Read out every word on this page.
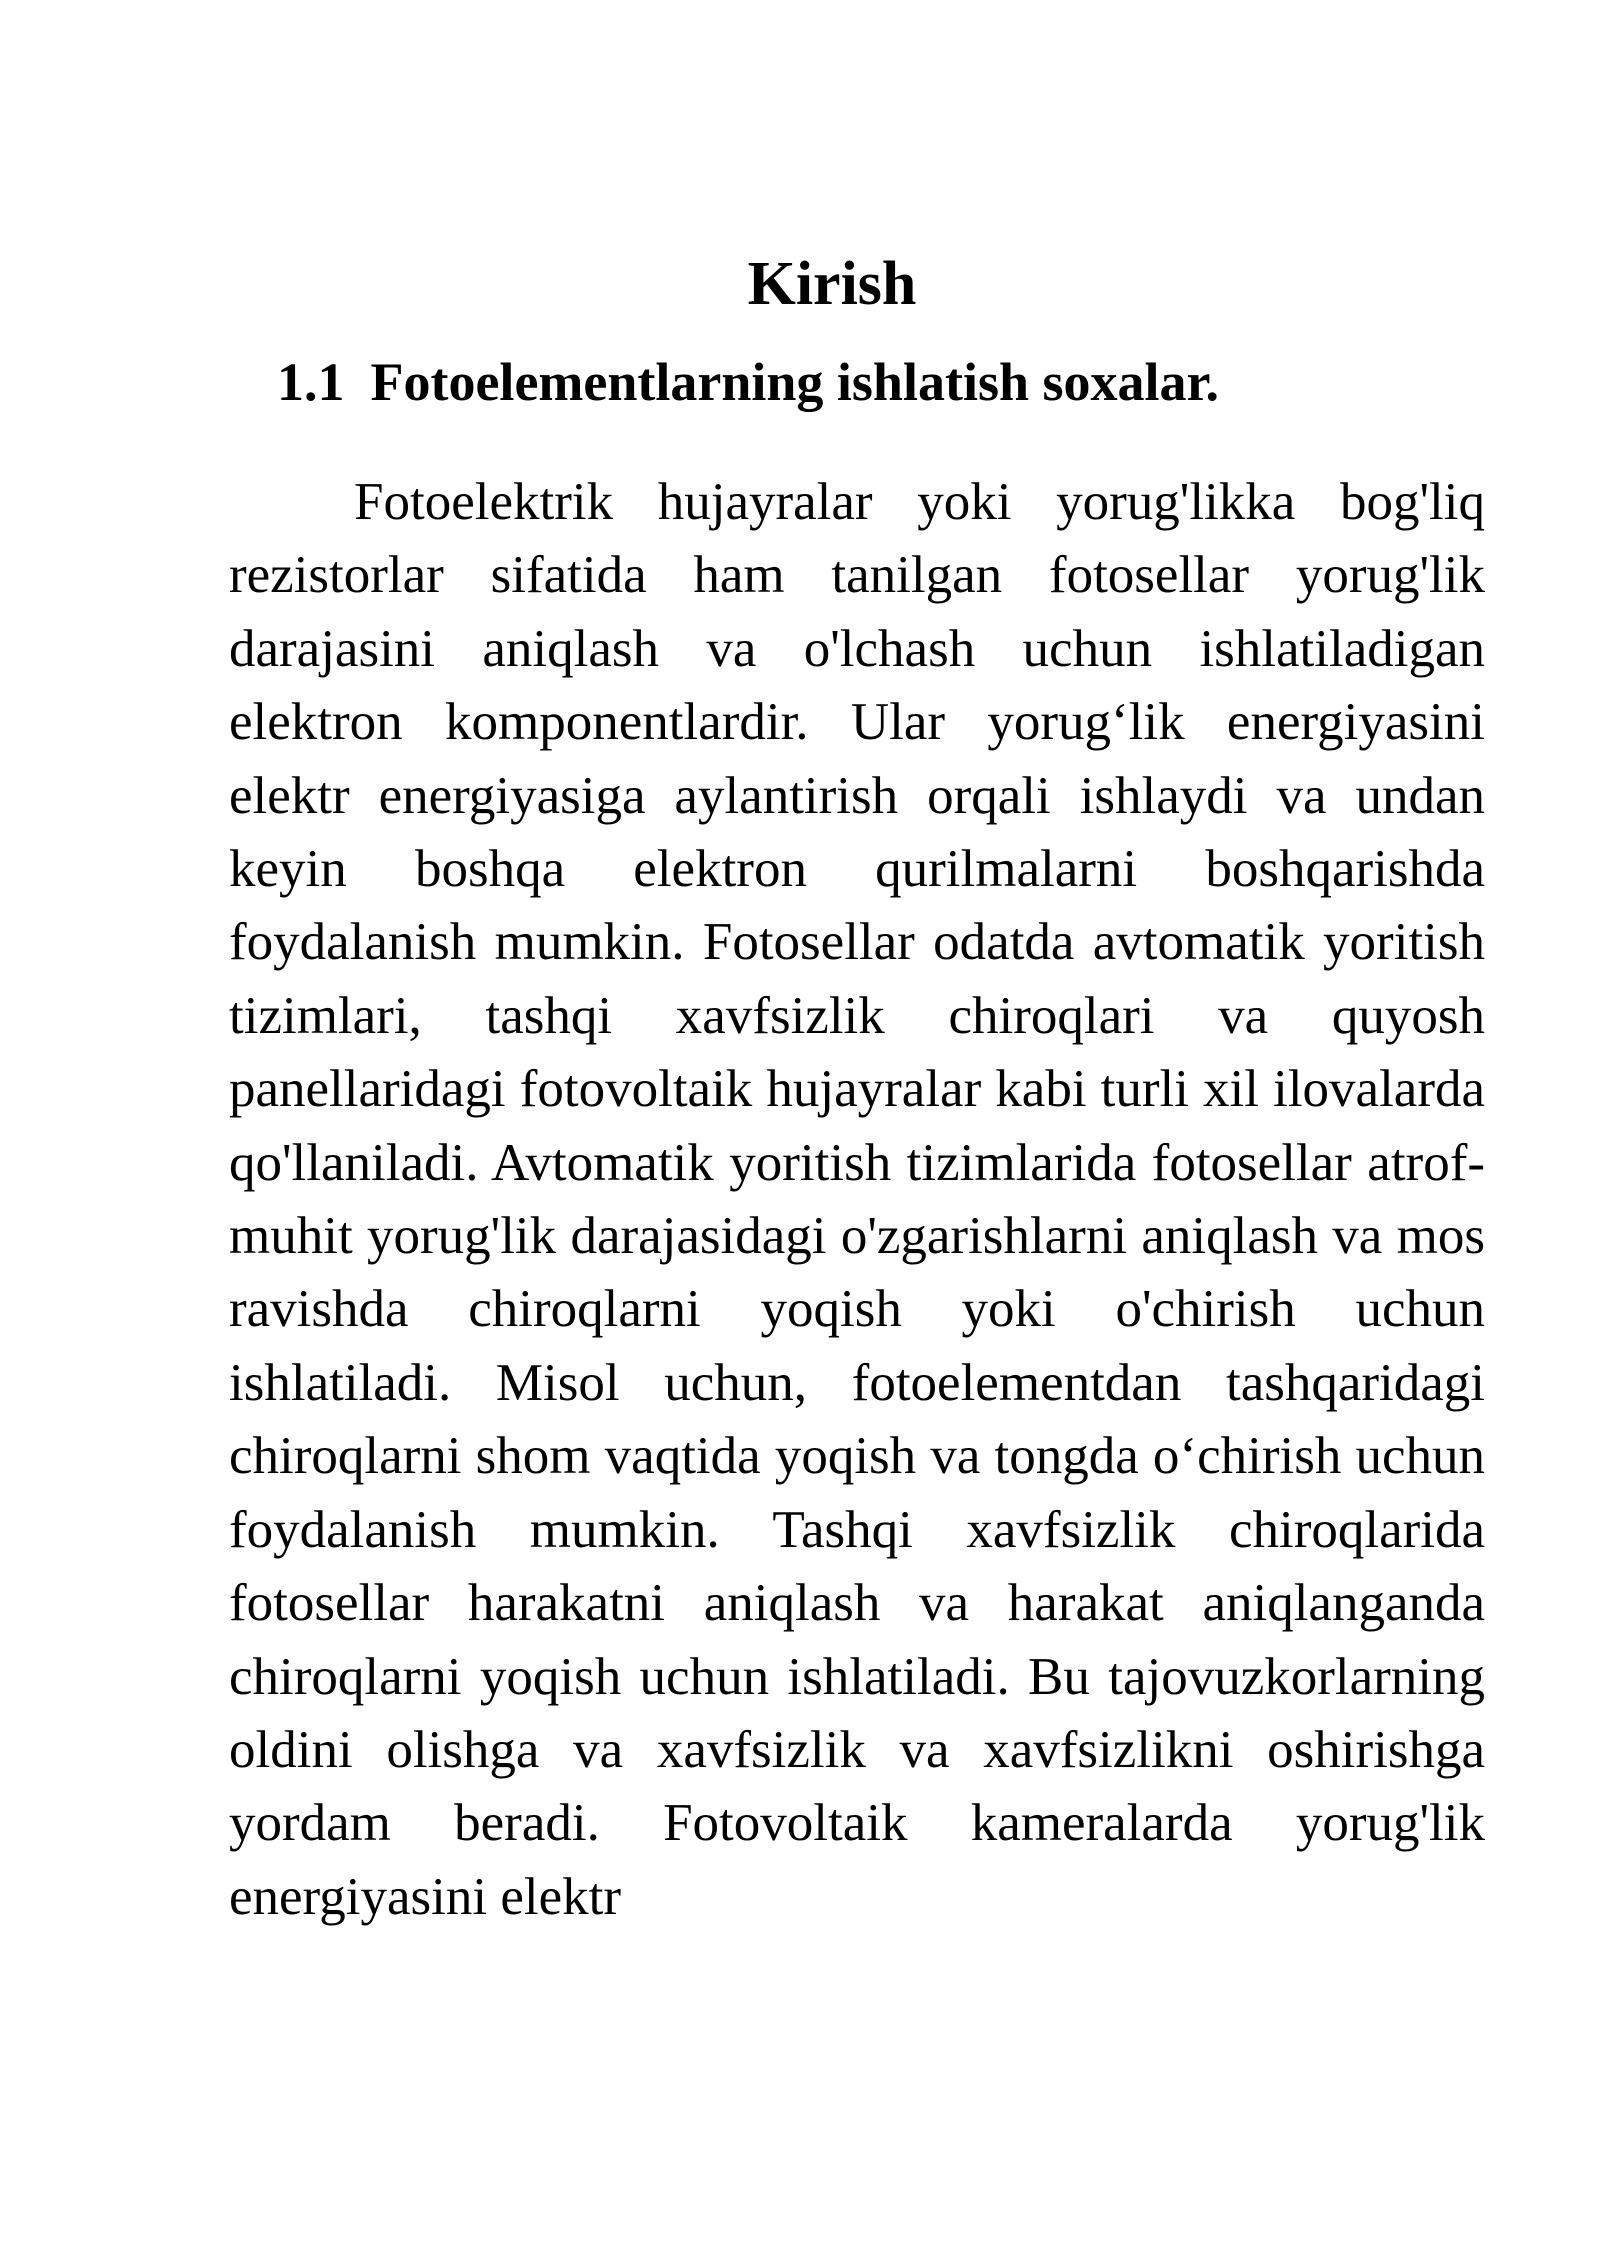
Kirish
1.1 Fotoelementlarning ishlatish soxalar.

Fotoelektrik hujayralar yoki yorug'likka bog'liq rezistorlar sifatida ham tanilgan fotosellar yorug'lik darajasini aniqlash va o'lchash uchun ishlatiladigan elektron komponentlardir. Ular yorug‘lik energiyasini elektr energiyasiga aylantirish orqali ishlaydi va undan keyin boshqa elektron qurilmalarni boshqarishda foydalanish mumkin. Fotosellar odatda avtomatik yoritish tizimlari, tashqi xavfsizlik chiroqlari va quyosh panellaridagi fotovoltaik hujayralar kabi turli xil ilovalarda qo'llaniladi. Avtomatik yoritish tizimlarida fotosellar atrof-muhit yorug'lik darajasidagi o'zgarishlarni aniqlash va mos ravishda chiroqlarni yoqish yoki o'chirish uchun ishlatiladi. Misol uchun, fotoelementdan tashqaridagi chiroqlarni shom vaqtida yoqish va tongda o‘chirish uchun foydalanish mumkin. Tashqi xavfsizlik chiroqlarida fotosellar harakatni aniqlash va harakat aniqlanganda chiroqlarni yoqish uchun ishlatiladi. Bu tajovuzkorlarning oldini olishga va xavfsizlik va xavfsizlikni oshirishga yordam beradi. Fotovoltaik kameralarda yorug'lik energiyasini elektr
